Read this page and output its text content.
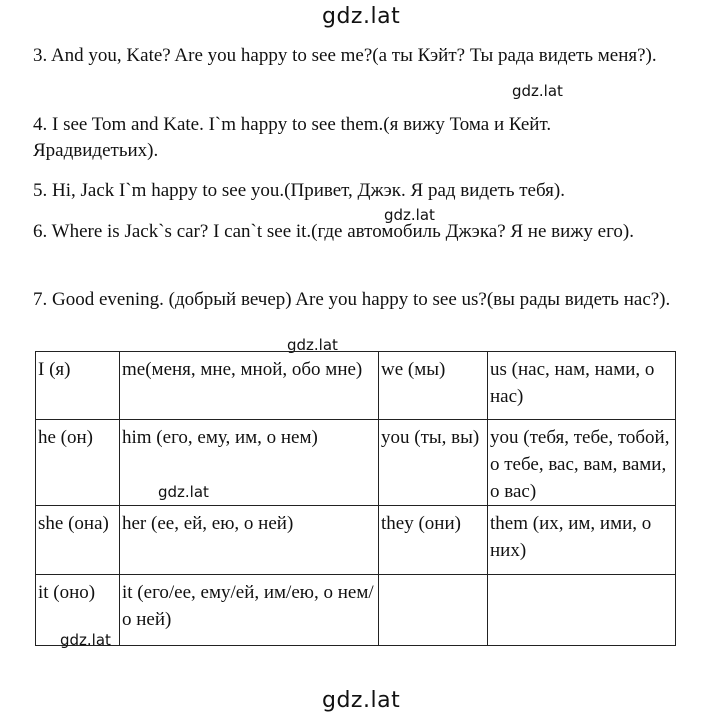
gdz.lat

3. And you, Kate? Are you happy to see me?(а ты Кэйт? Ты рада видеть меня?).

gdz.lat

4. I see Tom and Kate. I`m happy to see them.(я вижу Тома и Кейт. Ярадвидетьих).

5. Hi, Jack I`m happy to see you.(Привет, Джэк. Я рад видеть тебя).

gdz.lat

6. Where is Jack`s car? I can`t see it.(где автомобиль Джэка? Я не вижу его).

7. Good evening. (добрый вечер) Are you happy to see us?(вы рады видеть нас?).

gdz.lat
I (я)	me(меня, мне, мной, обо мне)	we (мы)	us (нас, нам, нами, о нас)
he (он)	him (его, ему, им, о нем)	you (ты, вы)	you (тебя, тебе, тобой, о тебе, вас, вам, вами, о вас)
she (она)	her (ее, ей, ею, о ней)	they (они)	them (их, им, ими, о них)
it (оно)	it (его/ее, ему/ей, им/ею, о нем/о ней)		
gdz.lat
gdz.lat
gdz.lat
